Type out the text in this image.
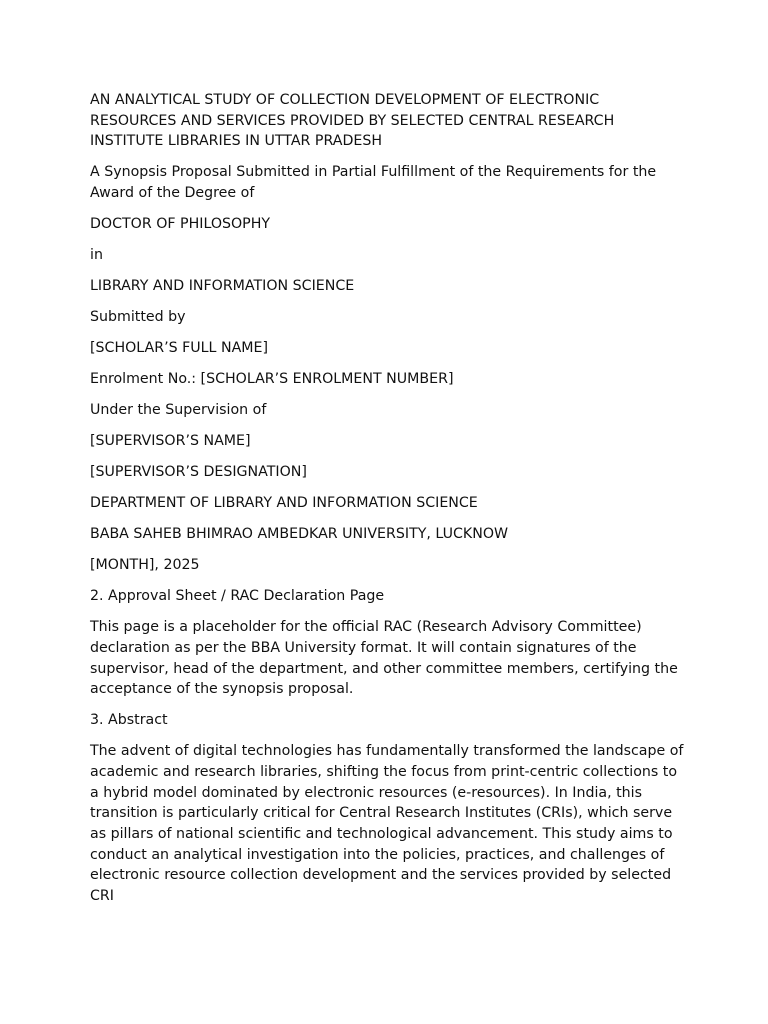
AN ANALYTICAL STUDY OF COLLECTION DEVELOPMENT OF ELECTRONIC RESOURCES AND SERVICES PROVIDED BY SELECTED CENTRAL RESEARCH INSTITUTE LIBRARIES IN UTTAR PRADESH

A Synopsis Proposal Submitted in Partial Fulfillment of the Requirements for the Award of the Degree of

DOCTOR OF PHILOSOPHY

in

LIBRARY AND INFORMATION SCIENCE

Submitted by

[SCHOLAR’S FULL NAME]

Enrolment No.: [SCHOLAR’S ENROLMENT NUMBER]

Under the Supervision of

[SUPERVISOR’S NAME]

[SUPERVISOR’S DESIGNATION]

DEPARTMENT OF LIBRARY AND INFORMATION SCIENCE

BABA SAHEB BHIMRAO AMBEDKAR UNIVERSITY, LUCKNOW

[MONTH], 2025

2. Approval Sheet / RAC Declaration Page

This page is a placeholder for the official RAC (Research Advisory Committee) declaration as per the BBA University format. It will contain signatures of the supervisor, head of the department, and other committee members, certifying the acceptance of the synopsis proposal.

3. Abstract

The advent of digital technologies has fundamentally transformed the landscape of academic and research libraries, shifting the focus from print-centric collections to a hybrid model dominated by electronic resources (e-resources). In India, this transition is particularly critical for Central Research Institutes (CRIs), which serve as pillars of national scientific and technological advancement. This study aims to conduct an analytical investigation into the policies, practices, and challenges of electronic resource collection development and the services provided by selected CRI
